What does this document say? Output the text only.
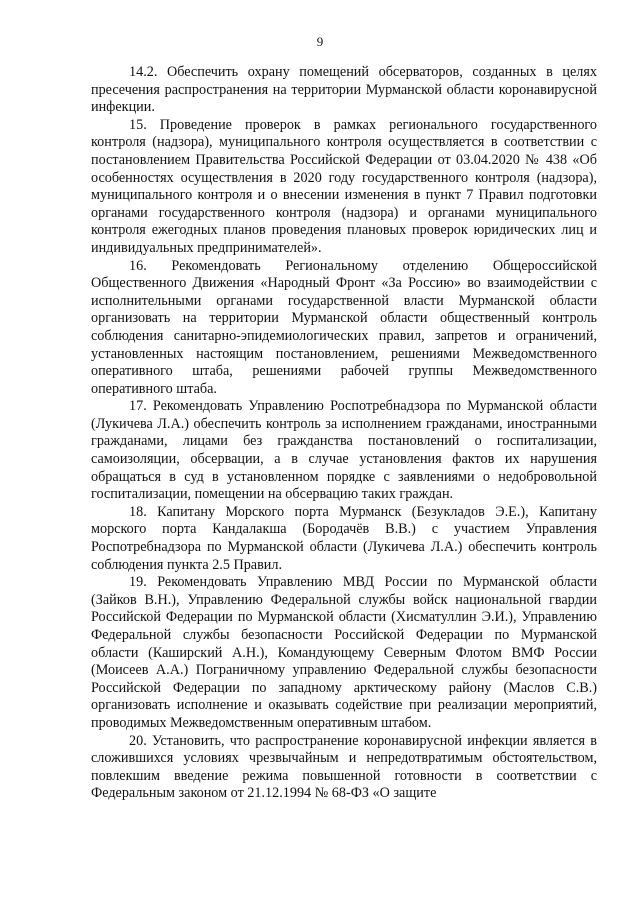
9

14.2. Обеспечить охрану помещений обсерваторов, созданных в целях пресечения распространения на территории Мурманской области коронавирусной инфекции.

15. Проведение проверок в рамках регионального государственного контроля (надзора), муниципального контроля осуществляется в соответствии с постановлением Правительства Российской Федерации от 03.04.2020 № 438 «Об особенностях осуществления в 2020 году государственного контроля (надзора), муниципального контроля и о внесении изменения в пункт 7 Правил подготовки органами государственного контроля (надзора) и органами муниципального контроля ежегодных планов проведения плановых проверок юридических лиц и индивидуальных предпринимателей».

16. Рекомендовать Региональному отделению Общероссийской Общественного Движения «Народный Фронт «За Россию» во взаимодействии с исполнительными органами государственной власти Мурманской области организовать на территории Мурманской области общественный контроль соблюдения санитарно-эпидемиологических правил, запретов и ограничений, установленных настоящим постановлением, решениями Межведомственного оперативного штаба, решениями рабочей группы Межведомственного оперативного штаба.

17. Рекомендовать Управлению Роспотребнадзора по Мурманской области (Лукичева Л.А.) обеспечить контроль за исполнением гражданами, иностранными гражданами, лицами без гражданства постановлений о госпитализации, самоизоляции, обсервации, а в случае установления фактов их нарушения обращаться в суд в установленном порядке с заявлениями о недобровольной госпитализации, помещении на обсервацию таких граждан.

18. Капитану Морского порта Мурманск (Безукладов Э.Е.), Капитану морского порта Кандалакша (Бородачёв В.В.) с участием Управления Роспотребнадзора по Мурманской области (Лукичева Л.А.) обеспечить контроль соблюдения пункта 2.5 Правил.

19. Рекомендовать Управлению МВД России по Мурманской области (Зайков В.Н.), Управлению Федеральной службы войск национальной гвардии Российской Федерации по Мурманской области (Хисматуллин Э.И.), Управлению Федеральной службы безопасности Российской Федерации по Мурманской области (Каширский А.Н.), Командующему Северным Флотом ВМФ России (Моисеев А.А.) Пограничному управлению Федеральной службы безопасности Российской Федерации по западному арктическому району (Маслов С.В.) организовать исполнение и оказывать содействие при реализации мероприятий, проводимых Межведомственным оперативным штабом.

20. Установить, что распространение коронавирусной инфекции является в сложившихся условиях чрезвычайным и непредотвратимым обстоятельством, повлекшим введение режима повышенной готовности в соответствии с Федеральным законом от 21.12.1994 № 68-ФЗ «О защите
